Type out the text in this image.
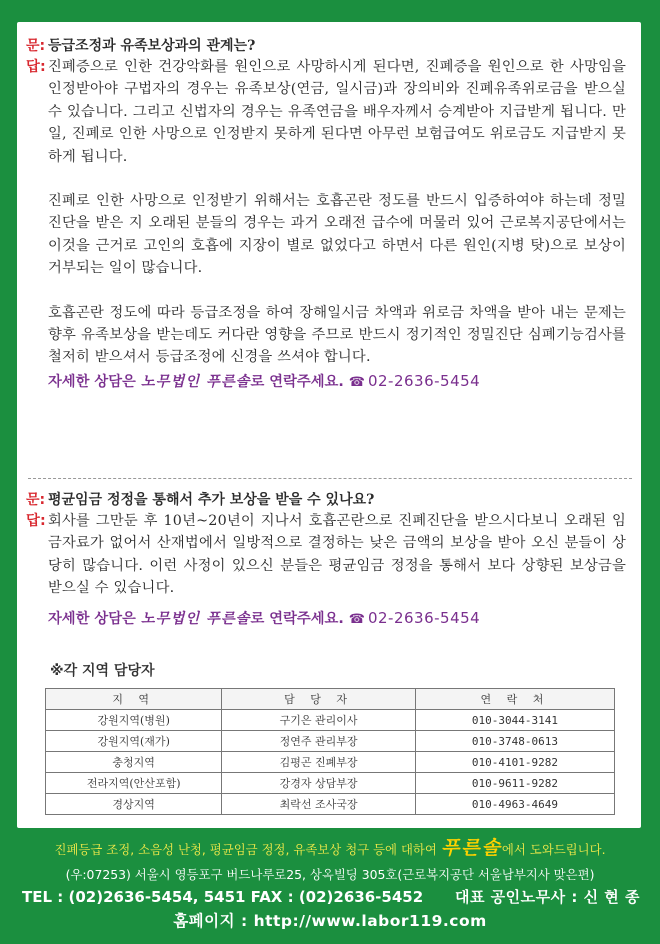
문: 등급조정과 유족보상과의 관계는?
답: 진폐증으로 인한 건강악화를 원인으로 사망하시게 된다면, 진폐증을 원인으로 한 사망임을 인정받아야 구법자의 경우는 유족보상(연금, 일시금)과 장의비와 진폐유족위로금을 받으실 수 있습니다. 그리고 신법자의 경우는 유족연금을 배우자께서 승계받아 지급받게 됩니다. 만일, 진폐로 인한 사망으로 인정받지 못하게 된다면 아무런 보험급여도 위로금도 지급받지 못하게 됩니다.

진폐로 인한 사망으로 인정받기 위해서는 호흡곤란 정도를 반드시 입증하여야 하는데 정밀진단을 받은 지 오래된 분들의 경우는 과거 오래전 급수에 머물러 있어 근로복지공단에서는 이것을 근거로 고인의 호흡에 지장이 별로 없었다고 하면서 다른 원인(지병 탓)으로 보상이 거부되는 일이 많습니다.

호흡곤란 정도에 따라 등급조정을 하여 장해일시금 차액과 위로금 차액을 받아 내는 문제는 향후 유족보상을 받는데도 커다란 영향을 주므로 반드시 정기적인 정밀진단 심폐기능검사를 철저히 받으셔서 등급조정에 신경을 쓰셔야 합니다.

자세한 상담은 노무법인 푸른솔로 연락주세요. ☎ 02-2636-5454
문: 평균임금 정정을 통해서 추가 보상을 받을 수 있나요?
답: 회사를 그만둔 후 10년~20년이 지나서 호흡곤란으로 진폐진단을 받으시다보니 오래된 임금자료가 없어서 산재법에서 일방적으로 결정하는 낮은 금액의 보상을 받아 오신 분들이 상당히 많습니다. 이런 사정이 있으신 분들은 평균임금 정정을 통해서 보다 상향된 보상금을 받으실 수 있습니다.

자세한 상담은 노무법인 푸른솔로 연락주세요. ☎ 02-2636-5454
※각 지역 담당자
지 역	담 당 자	연 락 처
강원지역(병원)	구기은 관리이사	010-3044-3141
강원지역(재가)	정연주 관리부장	010-3748-0613
충청지역	김평곤 진폐부장	010-4101-9282
전라지역(안산포함)	강경자 상담부장	010-9611-9282
경상지역	최락선 조사국장	010-4963-4649
진폐등급 조정, 소음성 난청, 평균임금 정정, 유족보상 청구 등에 대하여 푸른솔에서 도와드립니다.
(우:07253) 서울시 영등포구 버드나루로25, 상옥빌딩 305호(근로복지공단 서울남부지사 맞은편)
TEL : (02)2636-5454, 5451 FAX : (02)2636-5452 대표 공인노무사 : 신 현 종
홈페이지 : http://www.labor119.com
